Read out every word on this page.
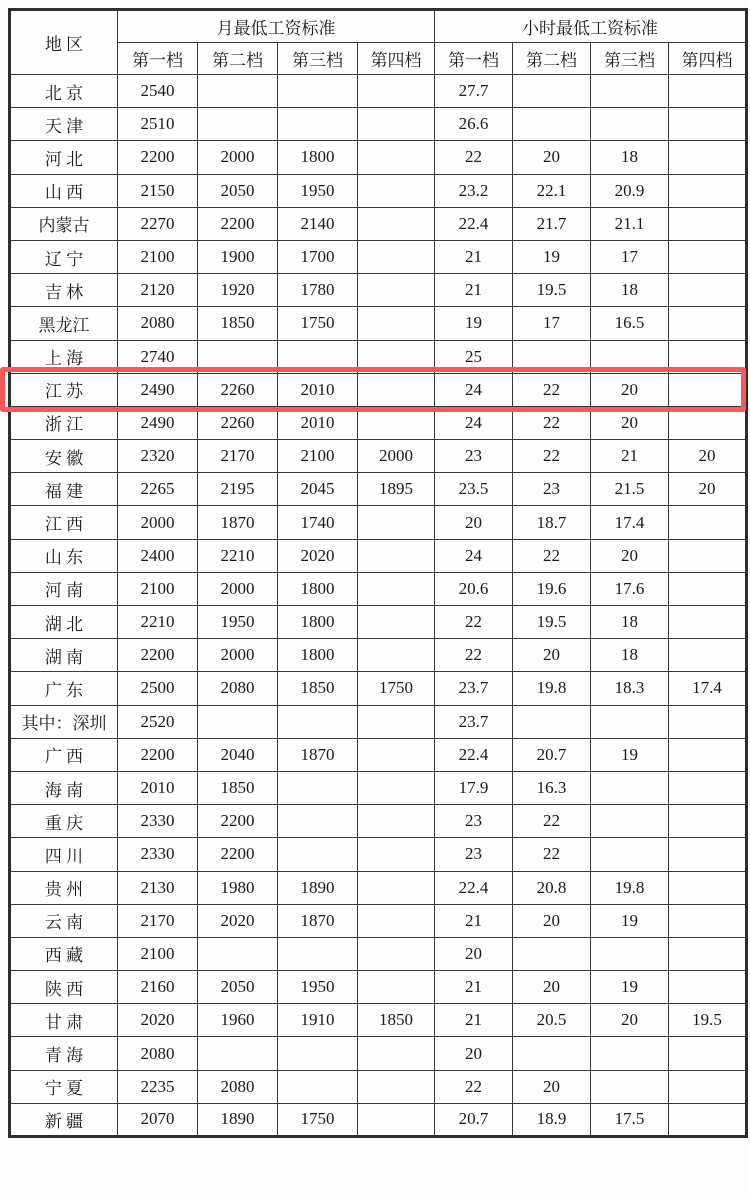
地 区	月最低工资标准				小时最低工资标准			
	第一档	第二档	第三档	第四档	第一档	第二档	第三档	第四档
北 京	2540				27.7			
天 津	2510				26.6			
河 北	2200	2000	1800		22	20	18	
山 西	2150	2050	1950		23.2	22.1	20.9	
内蒙古	2270	2200	2140		22.4	21.7	21.1	
辽 宁	2100	1900	1700		21	19	17	
吉 林	2120	1920	1780		21	19.5	18	
黑龙江	2080	1850	1750		19	17	16.5	
上 海	2740				25			
江 苏	2490	2260	2010		24	22	20	
浙 江	2490	2260	2010		24	22	20	
安 徽	2320	2170	2100	2000	23	22	21	20
福 建	2265	2195	2045	1895	23.5	23	21.5	20
江 西	2000	1870	1740		20	18.7	17.4	
山 东	2400	2210	2020		24	22	20	
河 南	2100	2000	1800		20.6	19.6	17.6	
湖 北	2210	1950	1800		22	19.5	18	
湖 南	2200	2000	1800		22	20	18	
广 东	2500	2080	1850	1750	23.7	19.8	18.3	17.4
其中：深圳	2520				23.7			
广 西	2200	2040	1870		22.4	20.7	19	
海 南	2010	1850			17.9	16.3		
重 庆	2330	2200			23	22		
四 川	2330	2200			23	22		
贵 州	2130	1980	1890		22.4	20.8	19.8	
云 南	2170	2020	1870		21	20	19	
西 藏	2100				20			
陕 西	2160	2050	1950		21	20	19	
甘 肃	2020	1960	1910	1850	21	20.5	20	19.5
青 海	2080				20			
宁 夏	2235	2080			22	20		
新 疆	2070	1890	1750		20.7	18.9	17.5	
